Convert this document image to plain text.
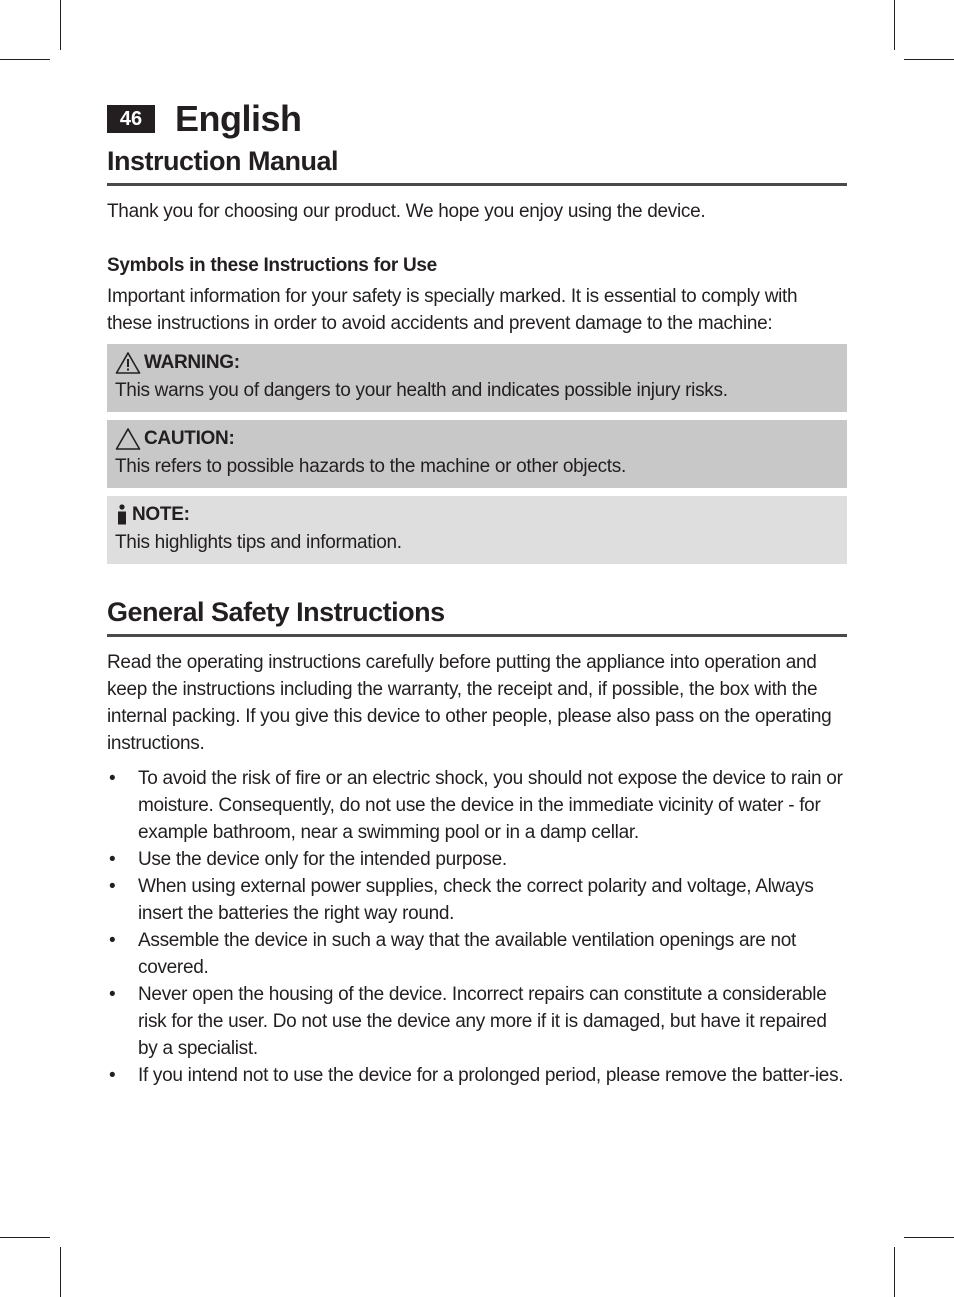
46 English
Instruction Manual

Thank you for choosing our product. We hope you enjoy using the device.

Symbols in these Instructions for Use

Important information for your safety is specially marked. It is essential to comply with these instructions in order to avoid accidents and prevent damage to the machine:

WARNING:

This warns you of dangers to your health and indicates possible injury risks.

CAUTION:

This refers to possible hazards to the machine or other objects.

NOTE:

This highlights tips and information.

General Safety Instructions

Read the operating instructions carefully before putting the appliance into operation and keep the instructions including the warranty, the receipt and, if possible, the box with the internal packing. If you give this device to other people, please also pass on the operating instructions.

• To avoid the risk of fire or an electric shock, you should not expose the device to rain or moisture. Consequently, do not use the device in the immediate vicinity of water - for example bathroom, near a swimming pool or in a damp cellar.
• Use the device only for the intended purpose.
• When using external power supplies, check the correct polarity and voltage, Always insert the batteries the right way round.
• Assemble the device in such a way that the available ventilation openings are not covered.
• Never open the housing of the device. Incorrect repairs can constitute a considerable risk for the user. Do not use the device any more if it is damaged, but have it repaired by a specialist.
• If you intend not to use the device for a prolonged period, please remove the batter-ies.
